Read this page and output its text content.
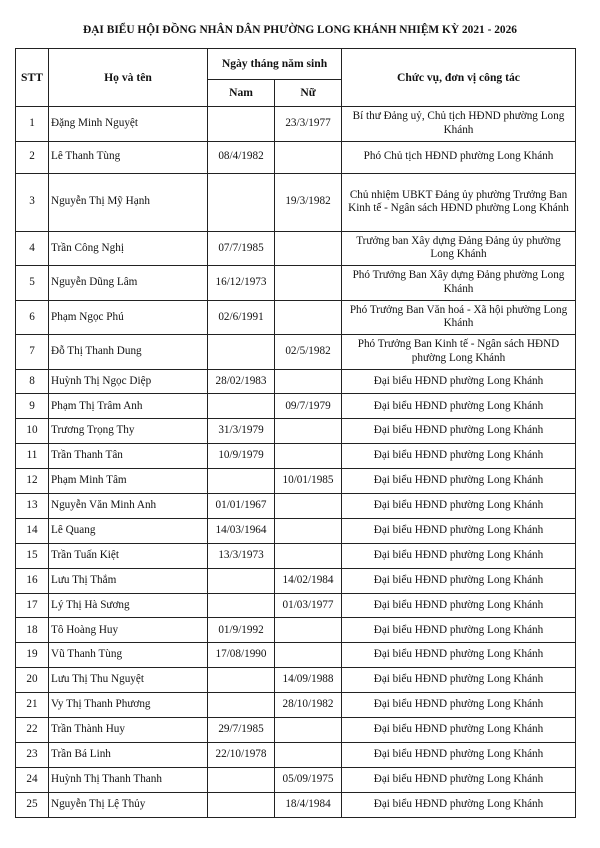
ĐẠI BIỂU HỘI ĐỒNG NHÂN DÂN PHƯỜNG LONG KHÁNH NHIỆM KỲ 2021 - 2026
STT	Họ và tên	Ngày tháng năm sinh		Chức vụ, đơn vị công tác
		Nam	Nữ	
1	Đặng Minh Nguyệt		23/3/1977	Bí thư Đảng uỷ, Chủ tịch HĐND phường Long Khánh
2	Lê Thanh Tùng	08/4/1982		Phó Chủ tịch HĐND phường Long Khánh
3	Nguyễn Thị Mỹ Hạnh		19/3/1982	Chủ nhiệm UBKT Đảng ủy phường Trưởng Ban Kinh tế - Ngân sách HĐND phường Long Khánh
4	Trần Công Nghị	07/7/1985		Trưởng ban Xây dựng Đảng Đảng ủy phường Long Khánh
5	Nguyễn Dũng Lâm	16/12/1973		Phó Trưởng Ban Xây dựng Đảng phường Long Khánh
6	Phạm Ngọc Phú	02/6/1991		Phó Trưởng Ban Văn hoá - Xã hội phường Long Khánh
7	Đỗ Thị Thanh Dung		02/5/1982	Phó Trưởng Ban Kinh tế - Ngân sách HĐND phường Long Khánh
8	Huỳnh Thị Ngọc Diệp	28/02/1983		Đại biểu HĐND phường Long Khánh
9	Phạm Thị Trâm Anh		09/7/1979	Đại biểu HĐND phường Long Khánh
10	Trương Trọng Thy	31/3/1979		Đại biểu HĐND phường Long Khánh
11	Trần Thanh Tân	10/9/1979		Đại biểu HĐND phường Long Khánh
12	Phạm Minh Tâm		10/01/1985	Đại biểu HĐND phường Long Khánh
13	Nguyễn Văn Minh Anh	01/01/1967		Đại biểu HĐND phường Long Khánh
14	Lê Quang	14/03/1964		Đại biểu HĐND phường Long Khánh
15	Trần Tuấn Kiệt	13/3/1973		Đại biểu HĐND phường Long Khánh
16	Lưu Thị Thắm		14/02/1984	Đại biểu HĐND phường Long Khánh
17	Lý Thị Hà Sương		01/03/1977	Đại biểu HĐND phường Long Khánh
18	Tô Hoàng Huy	01/9/1992		Đại biểu HĐND phường Long Khánh
19	Vũ Thanh Tùng	17/08/1990		Đại biểu HĐND phường Long Khánh
20	Lưu Thị Thu Nguyệt		14/09/1988	Đại biểu HĐND phường Long Khánh
21	Vy Thị Thanh Phương		28/10/1982	Đại biểu HĐND phường Long Khánh
22	Trần Thành Huy	29/7/1985		Đại biểu HĐND phường Long Khánh
23	Trần Bá Linh	22/10/1978		Đại biểu HĐND phường Long Khánh
24	Huỳnh Thị Thanh Thanh		05/09/1975	Đại biểu HĐND phường Long Khánh
25	Nguyễn Thị Lệ Thủy		18/4/1984	Đại biểu HĐND phường Long Khánh
